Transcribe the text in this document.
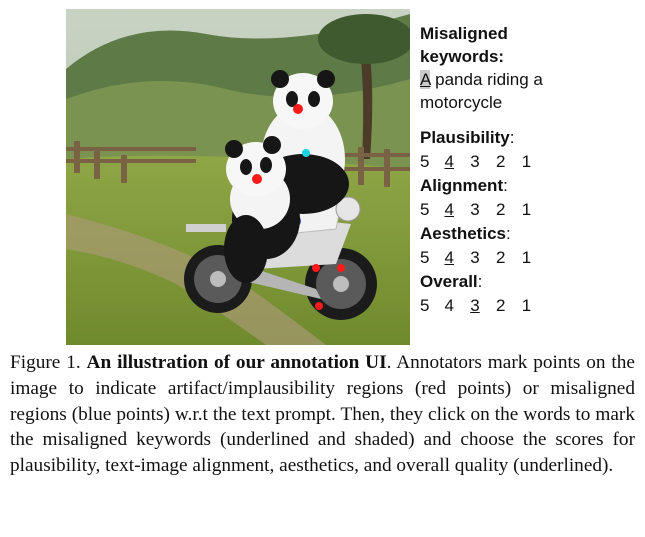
Misaligned
keywords:
A panda riding a
motorcycle
Plausibility:
5 4 3 2 1
Alignment:
5 4 3 2 1
Aesthetics:
5 4 3 2 1
Overall:
5 4 3 2 1
Figure 1. An illustration of our annotation UI. Annotators mark points on the image to indicate artifact/implausibility regions (red points) or misaligned regions (blue points) w.r.t the text prompt. Then, they click on the words to mark the misaligned keywords (underlined and shaded) and choose the scores for plausibility, text-image alignment, aesthetics, and overall quality (underlined).
